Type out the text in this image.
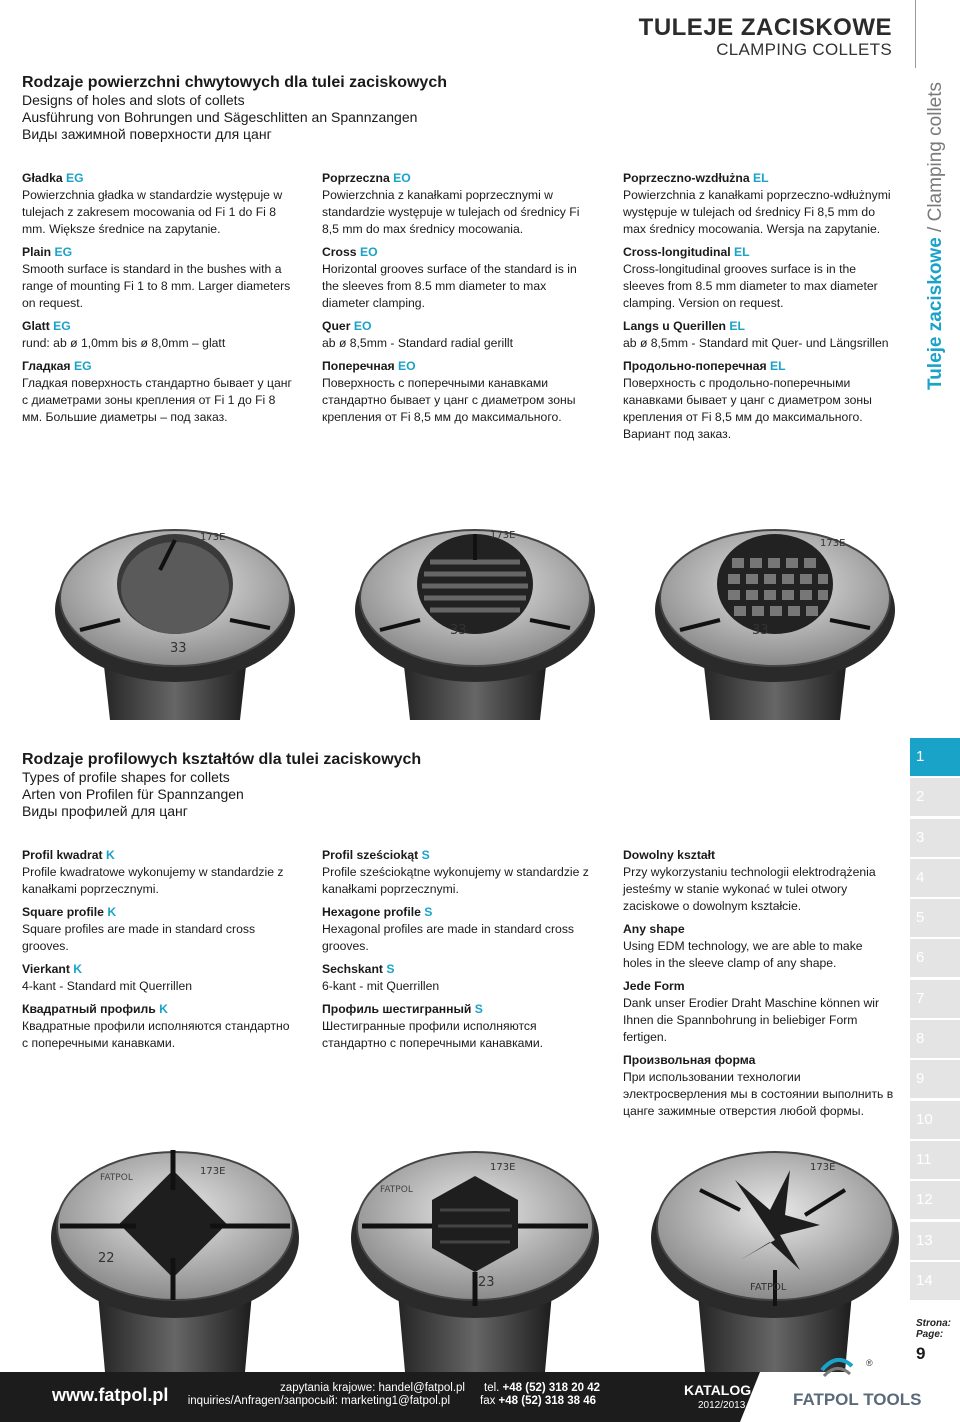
TULEJE ZACISKOWE
CLAMPING COLLETS
Tuleje zaciskowe / Clamping collets
Rodzaje powierzchni chwytowych dla tulei zaciskowych
Designs of holes and slots of collets
Ausführung von Bohrungen und Sägeschlitten an Spannzangen
Виды зажимной поверхности для цанг

Gładka EG
Powierzchnia gładka w standardzie występuje w tulejach z zakresem mocowania od Fi 1 do Fi 8 mm. Większe średnice na zapytanie.

Plain EG
Smooth surface is standard in the bushes with a range of mounting Fi 1 to 8 mm. Larger diameters on request.

Glatt EG
rund: ab ø 1,0mm bis ø 8,0mm – glatt

Гладкая EG
Гладкая поверхность стандартно бывает у цанг с диаметрами зоны крепления от Fi 1 до Fi 8 мм. Большие диаметры – под заказ.

Poprzeczna EO
Powierzchnia z kanałkami poprzecznymi w standardzie występuje w tulejach od średnicy Fi 8,5 mm do max średnicy mocowania.

Cross EO
Horizontal grooves surface of the standard is in the sleeves from 8.5 mm diameter to max diameter clamping.

Quer EO
ab ø 8,5mm - Standard radial gerillt

Поперечная EO
Поверхность с поперечными канавками стандартно бывает у цанг с диаметром зоны крепления от Fi 8,5 мм до максимального.

Poprzeczno-wzdłużna EL
Powierzchnia z kanałkami poprzeczno-wdłużnymi występuje w tulejach od średnicy Fi 8,5 mm do max średnicy mocowania. Wersja na zapytanie.

Cross-longitudinal EL
Cross-longitudinal grooves surface is in the sleeves from 8.5 mm diameter to max diameter clamping. Version on request.

Langs u Querillen EL
ab ø 8,5mm - Standard mit Quer- und Längsrillen

Продольно-поперечная EL
Поверхность с продольно-поперечными канавками бывает у цанг с диаметром зоны крепления от Fi 8,5 мм до максимального. Вариант под заказ.

33
173E
33
173E
33
173E
Rodzaje profilowych kształtów dla tulei zaciskowych
Types of profile shapes for collets
Arten von Profilen für Spannzangen
Виды профилей для цанг

Profil kwadrat K
Profile kwadratowe wykonujemy w standardzie z kanałkami poprzecznymi.

Square profile K
Square profiles are made in standard cross grooves.

Vierkant K
4-kant - Standard mit Querrillen

Квадратный профиль K
Квадратные профили исполняются стандартно с поперечными канавками.

Profil sześciokąt S
Profile sześciokątne wykonujemy w standardzie z kanałkami poprzecznymi.

Hexagone profile S
Hexagonal profiles are made in standard cross grooves.

Sechskant S
6-kant - mit Querrillen

Профиль шестигранный S
Шестигранные профили исполняются стандартно с поперечными канавками.

Dowolny kształt
Przy wykorzystaniu technologii elektrodrążenia jesteśmy w stanie wykonać w tulei otwory zaciskowe o dowolnym kształcie.

Any shape
Using EDM technology, we are able to make holes in the sleeve clamp of any shape.

Jede Form
Dank unser Erodier Draht Maschine können wir Ihnen die Spannbohrung in beliebiger Form fertigen.

Произвольная форма
При использовании технологии электросверления мы в состоянии выполнить в цанге зажимные отверстия любой формы.

22
173E
FATPOL
23
173E
FATPOL
173E
FATPOL
1
2
3
4
5
6
7
8
9
10
11
12
13
14
Strona:
Page:
9
www.fatpol.pl	zapytania krajowe: handel@fatpol.pl
inquiries/Anfragen/запросый: marketing1@fatpol.pl
tel. +48 (52) 318 20 42
fax +48 (52) 318 38 46
KATALOG
2012/2013
®
FATPOL TOOLS
